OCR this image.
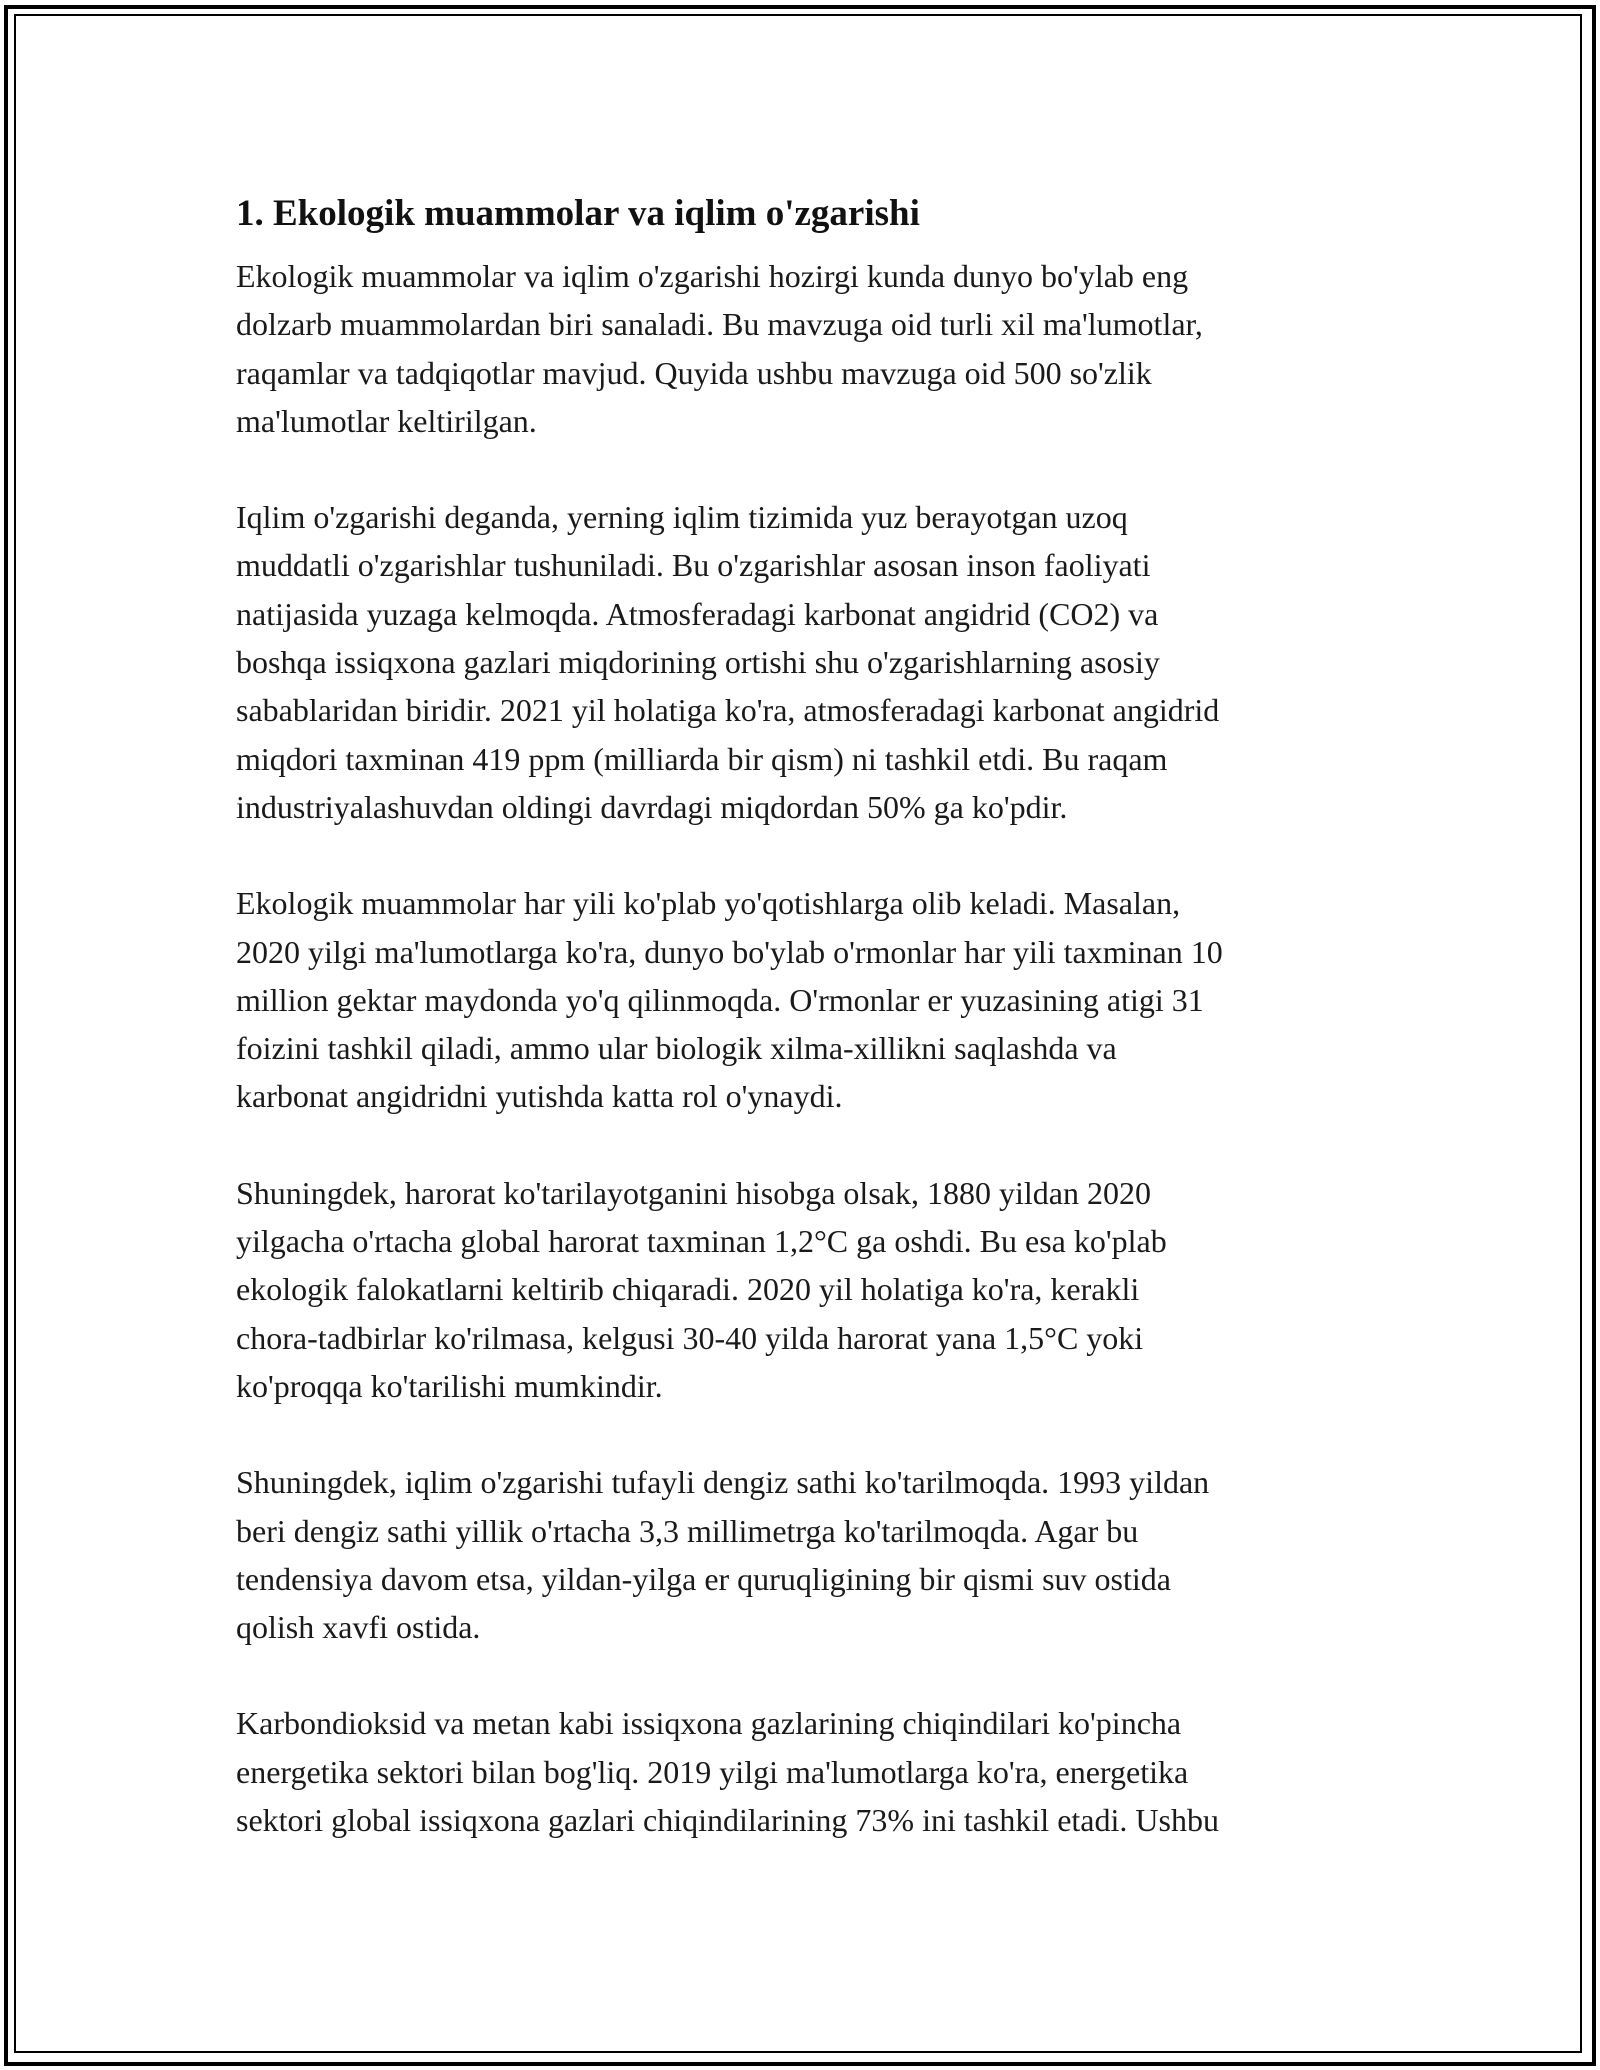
1. Ekologik muammolar va iqlim o'zgarishi

Ekologik muammolar va iqlim o'zgarishi hozirgi kunda dunyo bo'ylab eng
dolzarb muammolardan biri sanaladi. Bu mavzuga oid turli xil ma'lumotlar,
raqamlar va tadqiqotlar mavjud. Quyida ushbu mavzuga oid 500 so'zlik
ma'lumotlar keltirilgan.

Iqlim o'zgarishi deganda, yerning iqlim tizimida yuz berayotgan uzoq
muddatli o'zgarishlar tushuniladi. Bu o'zgarishlar asosan inson faoliyati
natijasida yuzaga kelmoqda. Atmosferadagi karbonat angidrid (CO2) va
boshqa issiqxona gazlari miqdorining ortishi shu o'zgarishlarning asosiy
sabablaridan biridir. 2021 yil holatiga ko'ra, atmosferadagi karbonat angidrid
miqdori taxminan 419 ppm (milliarda bir qism) ni tashkil etdi. Bu raqam
industriyalashuvdan oldingi davrdagi miqdordan 50% ga ko'pdir.

Ekologik muammolar har yili ko'plab yo'qotishlarga olib keladi. Masalan,
2020 yilgi ma'lumotlarga ko'ra, dunyo bo'ylab o'rmonlar har yili taxminan 10
million gektar maydonda yo'q qilinmoqda. O'rmonlar er yuzasining atigi 31
foizini tashkil qiladi, ammo ular biologik xilma-xillikni saqlashda va
karbonat angidridni yutishda katta rol o'ynaydi.

Shuningdek, harorat ko'tarilayotganini hisobga olsak, 1880 yildan 2020
yilgacha o'rtacha global harorat taxminan 1,2°C ga oshdi. Bu esa ko'plab
ekologik falokatlarni keltirib chiqaradi. 2020 yil holatiga ko'ra, kerakli
chora-tadbirlar ko'rilmasa, kelgusi 30-40 yilda harorat yana 1,5°C yoki
ko'proqqa ko'tarilishi mumkindir.

Shuningdek, iqlim o'zgarishi tufayli dengiz sathi ko'tarilmoqda. 1993 yildan
beri dengiz sathi yillik o'rtacha 3,3 millimetrga ko'tarilmoqda. Agar bu
tendensiya davom etsa, yildan-yilga er quruqligining bir qismi suv ostida
qolish xavfi ostida.

Karbondioksid va metan kabi issiqxona gazlarining chiqindilari ko'pincha
energetika sektori bilan bog'liq. 2019 yilgi ma'lumotlarga ko'ra, energetika
sektori global issiqxona gazlari chiqindilarining 73% ini tashkil etadi. Ushbu
